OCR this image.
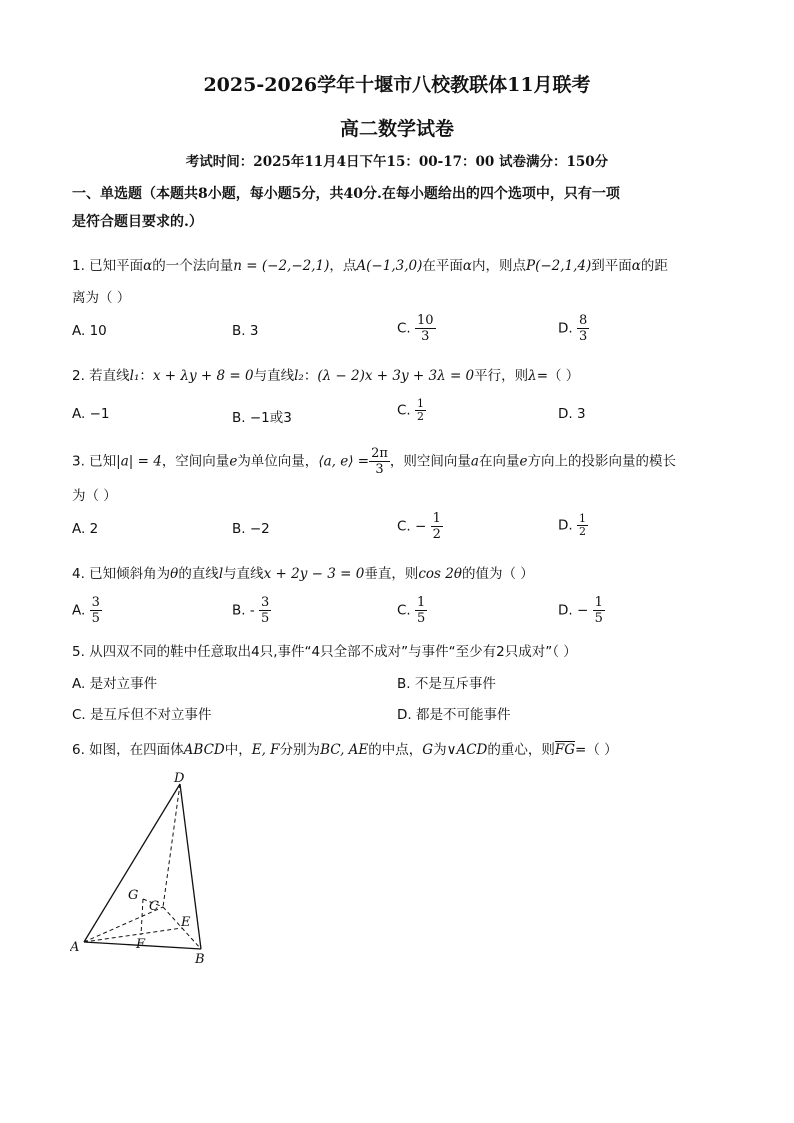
2025-2026学年十堰市八校教联体11月联考
高二数学试卷
考试时间：2025年11月4日下午15：00-17：00 试卷满分：150分
一、单选题（本题共8小题，每小题5分，共40分.在每小题给出的四个选项中，只有一项
是符合题目要求的.）
1. 已知平面α的一个法向量n = (−2,−2,1)，点A(−1,3,0)在平面α内，则点P(−2,1,4)到平面α的距
离为（ ）
A. 10	B. 3	C. $\frac{10}{3}$	D. $\frac{8}{3}$
2. 若直线l₁：x + λy + 8 = 0与直线l₂：(λ − 2)x + 3y + 3λ = 0平行，则λ=（ ）
A. −1	B. −1或3	C. $\frac{1}{2}$	D. 3
3. 已知|a| = 4，空间向量e为单位向量，⟨a, e⟩ = $\frac{2\pi}{3}$ ，则空间向量a在向量e方向上的投影向量的模长
为（ ）
A. 2	B. −2	C. − $\frac{1}{2}$	D. $\frac{1}{2}$
4. 已知倾斜角为θ的直线l与直线x + 2y − 3 = 0垂直，则cos 2θ的值为（ ）
A. $\frac{3}{5}$	B. - $\frac{3}{5}$	C. $\frac{1}{5}$	D. − $\frac{1}{5}$
5. 从四双不同的鞋中任意取出4只,事件“4只全部不成对”与事件“至少有2只成对”（ ）
A. 是对立事件	B. 不是互斥事件
C. 是互斥但不对立事件	D. 都是不可能事件
6. 如图，在四面体ABCD中，E, F分别为BC, AE的中点，G为∨ACD的重心，则$\overline{FG}=$（ ）
D
A
B
C
E
F
G
